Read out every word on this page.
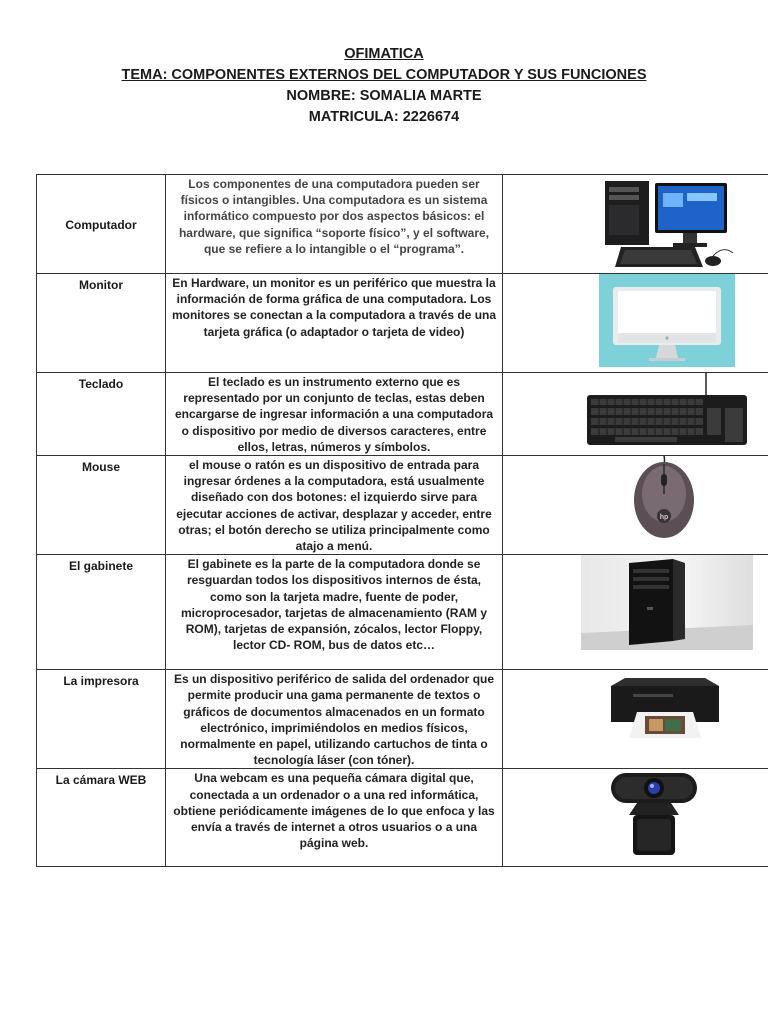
OFIMATICA
TEMA: COMPONENTES EXTERNOS DEL COMPUTADOR Y SUS FUNCIONES
NOMBRE: SOMALIA MARTE
MATRICULA: 2226674
Computador	Los componentes de una computadora pueden ser físicos o intangibles. Una computadora es un sistema informático compuesto por dos aspectos básicos: el hardware, que significa “soporte físico”, y el software, que se refiere a lo intangible o el “programa”.	

Monitor	En Hardware, un monitor es un periférico que muestra la información de forma gráfica de una computadora. Los monitores se conectan a la computadora a través de una tarjeta gráfica (o adaptador o tarjeta de video)	

Teclado	El teclado es un instrumento externo que es representado por un conjunto de teclas, estas deben encargarse de ingresar información a una computadora o dispositivo por medio de diversos caracteres, entre ellos, letras, números y símbolos.	

Mouse	el mouse o ratón es un dispositivo de entrada para ingresar órdenes a la computadora, está usualmente diseñado con dos botones: el izquierdo sirve para ejecutar acciones de activar, desplazar y acceder, entre otras; el botón derecho se utiliza principalmente como atajo a menú.	hp

El gabinete	El gabinete es la parte de la computadora donde se resguardan todos los dispositivos internos de ésta, como son la tarjeta madre, fuente de poder, microprocesador, tarjetas de almacenamiento (RAM y ROM), tarjetas de expansión, zócalos, lector Floppy, lector CD- ROM, bus de datos etc…	

La impresora	Es un dispositivo periférico de salida del ordenador que permite producir una gama permanente de textos o gráficos de documentos almacenados en un formato electrónico, imprimiéndolos en medios físicos, normalmente en papel, utilizando cartuchos de tinta o tecnología láser (con tóner).	

La cámara WEB	Una webcam es una pequeña cámara digital que, conectada a un ordenador o a una red informática, obtiene periódicamente imágenes de lo que enfoca y las envía a través de internet a otros usuarios o a una página web.	
